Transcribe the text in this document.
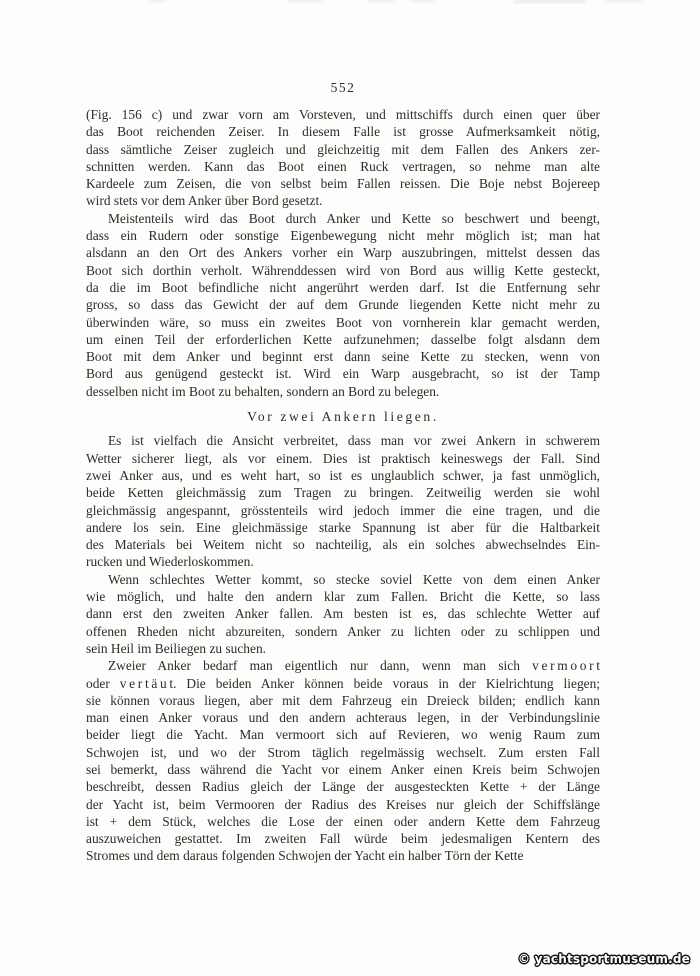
552
(Fig. 156 c) und zwar vorn am Vorsteven, und mittschiffs durch einen quer über
das Boot reichenden Zeiser. In diesem Falle ist grosse Aufmerksamkeit nötig,
dass sämtliche Zeiser zugleich und gleichzeitig mit dem Fallen des Ankers zer-
schnitten werden. Kann das Boot einen Ruck vertragen, so nehme man alte
Kardeele zum Zeisen, die von selbst beim Fallen reissen. Die Boje nebst Bojereep
wird stets vor dem Anker über Bord gesetzt.
Meistenteils wird das Boot durch Anker und Kette so beschwert und beengt,
dass ein Rudern oder sonstige Eigenbewegung nicht mehr möglich ist; man hat
alsdann an den Ort des Ankers vorher ein Warp auszubringen, mittelst dessen das
Boot sich dorthin verholt. Währenddessen wird von Bord aus willig Kette gesteckt,
da die im Boot befindliche nicht angerührt werden darf. Ist die Entfernung sehr
gross, so dass das Gewicht der auf dem Grunde liegenden Kette nicht mehr zu
überwinden wäre, so muss ein zweites Boot von vornherein klar gemacht werden,
um einen Teil der erforderlichen Kette aufzunehmen; dasselbe folgt alsdann dem
Boot mit dem Anker und beginnt erst dann seine Kette zu stecken, wenn von
Bord aus genügend gesteckt ist. Wird ein Warp ausgebracht, so ist der Tamp
desselben nicht im Boot zu behalten, sondern an Bord zu belegen.
Vor zwei Ankern liegen.
Es ist vielfach die Ansicht verbreitet, dass man vor zwei Ankern in schwerem
Wetter sicherer liegt, als vor einem. Dies ist praktisch keineswegs der Fall. Sind
zwei Anker aus, und es weht hart, so ist es unglaublich schwer, ja fast unmöglich,
beide Ketten gleichmässig zum Tragen zu bringen. Zeitweilig werden sie wohl
gleichmässig angespannt, grösstenteils wird jedoch immer die eine tragen, und die
andere los sein. Eine gleichmässige starke Spannung ist aber für die Haltbarkeit
des Materials bei Weitem nicht so nachteilig, als ein solches abwechselndes Ein-
rucken und Wiederloskommen.
Wenn schlechtes Wetter kommt, so stecke soviel Kette von dem einen Anker
wie möglich, und halte den andern klar zum Fallen. Bricht die Kette, so lass
dann erst den zweiten Anker fallen. Am besten ist es, das schlechte Wetter auf
offenen Rheden nicht abzureiten, sondern Anker zu lichten oder zu schlippen und
sein Heil im Beiliegen zu suchen.
Zweier Anker bedarf man eigentlich nur dann, wenn man sich v e r m o o r t
oder v e r t ä u t. Die beiden Anker können beide voraus in der Kielrichtung liegen;
sie können voraus liegen, aber mit dem Fahrzeug ein Dreieck bilden; endlich kann
man einen Anker voraus und den andern achteraus legen, in der Verbindungslinie
beider liegt die Yacht. Man vermoort sich auf Revieren, wo wenig Raum zum
Schwojen ist, und wo der Strom täglich regelmässig wechselt. Zum ersten Fall
sei bemerkt, dass während die Yacht vor einem Anker einen Kreis beim Schwojen
beschreibt, dessen Radius gleich der Länge der ausgesteckten Kette + der Länge
der Yacht ist, beim Vermooren der Radius des Kreises nur gleich der Schiffslänge
ist + dem Stück, welches die Lose der einen oder andern Kette dem Fahrzeug
auszuweichen gestattet. Im zweiten Fall würde beim jedesmaligen Kentern des
Stromes und dem daraus folgenden Schwojen der Yacht ein halber Törn der Kette
© yachtsportmuseum.de
